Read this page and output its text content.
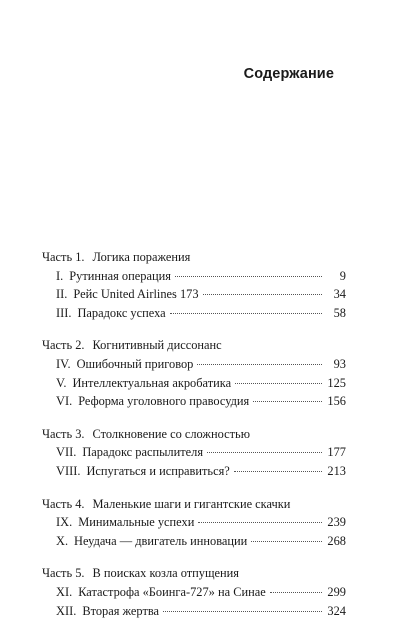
Содержание
Часть 1. Логика поражения
I. Рутинная операция	9
II. Рейс United Airlines 173	34
III. Парадокс успеха	58
Часть 2. Когнитивный диссонанс
IV. Ошибочный приговор	93
V. Интеллектуальная акробатика	125
VI. Реформа уголовного правосудия	156
Часть 3. Столкновение со сложностью
VII. Парадокс распылителя	177
VIII. Испугаться и исправиться?	213
Часть 4. Маленькие шаги и гигантские скачки
IX. Минимальные успехи	239
X. Неудача — двигатель инновации	268
Часть 5. В поисках козла отпущения
XI. Катастрофа «Боинга-727» на Синае	299
XII. Вторая жертва	324
